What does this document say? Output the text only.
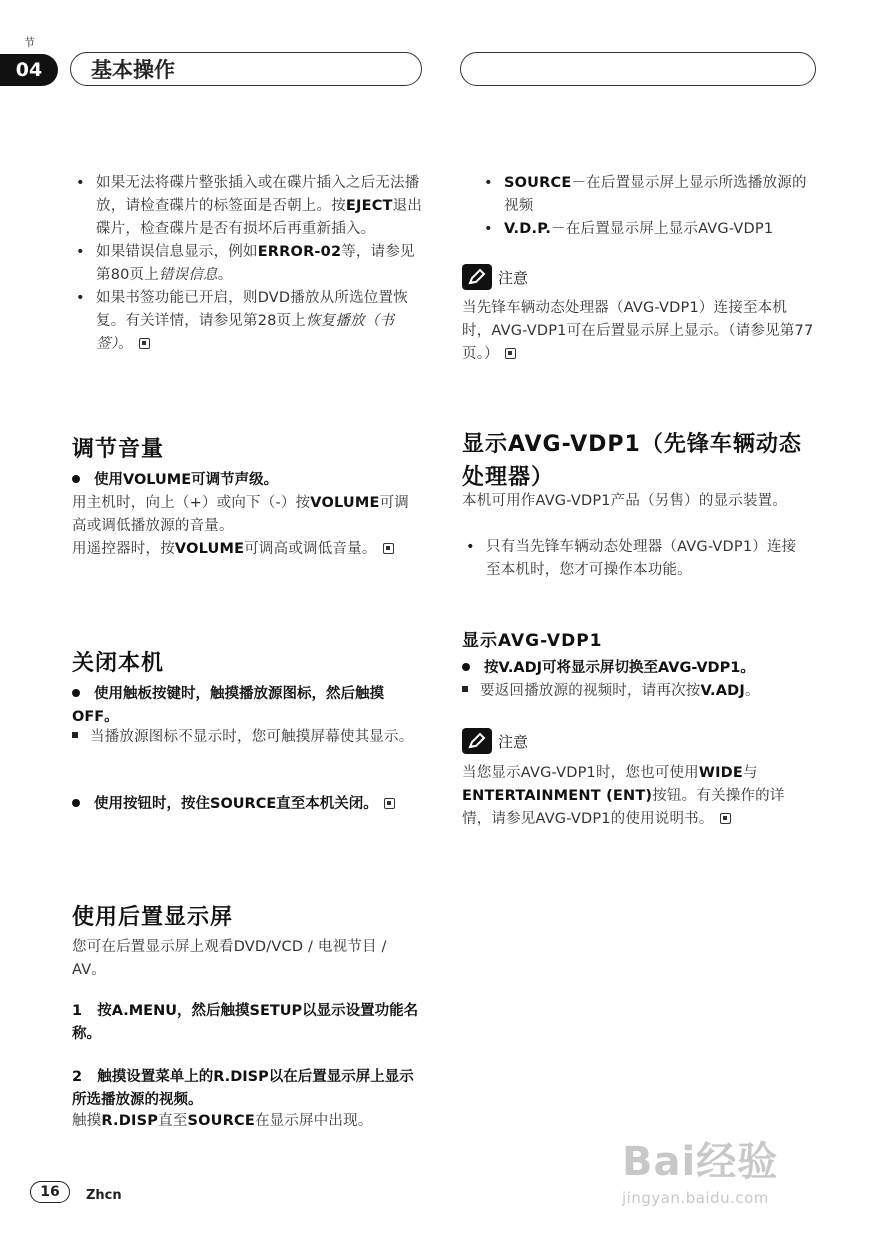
节
04	基本操作
• 如果无法将碟片整张插入或在碟片插入之后无法播放，请检查碟片的标签面是否朝上。按EJECT退出碟片，检查碟片是否有损坏后再重新插入。
• 如果错误信息显示，例如ERROR-02等，请参见第80页上错误信息。
• 如果书签功能已开启，则DVD播放从所选位置恢复。有关详情，请参见第28页上恢复播放（书签）。
调节音量
使用VOLUME可调节声级。
用主机时，向上（+）或向下（-）按VOLUME可调高或调低播放源的音量。
用遥控器时，按VOLUME可调高或调低音量。
关闭本机
使用触板按键时，触摸播放源图标，然后触摸OFF。
当播放源图标不显示时，您可触摸屏幕使其显示。
使用按钮时，按住SOURCE直至本机关闭。
使用后置显示屏
您可在后置显示屏上观看DVD/VCD / 电视节目 / AV。
1 按A.MENU，然后触摸SETUP以显示设置功能名称。
2 触摸设置菜单上的R.DISP以在后置显示屏上显示所选播放源的视频。
触摸R.DISP直至SOURCE在显示屏中出现。
• SOURCE－在后置显示屏上显示所选播放源的视频
• V.D.P.－在后置显示屏上显示AVG-VDP1
注意
当先锋车辆动态处理器（AVG-VDP1）连接至本机时，AVG-VDP1可在后置显示屏上显示。（请参见第77页。）
显示AVG-VDP1（先锋车辆动态处理器）
本机可用作AVG-VDP1产品（另售）的显示装置。
• 只有当先锋车辆动态处理器（AVG-VDP1）连接至本机时，您才可操作本功能。
显示AVG-VDP1
按V.ADJ可将显示屏切换至AVG-VDP1。
要返回播放源的视频时，请再次按V.ADJ。
注意
当您显示AVG-VDP1时，您也可使用WIDE与ENTERTAINMENT (ENT)按钮。有关操作的详情，请参见AVG-VDP1的使用说明书。
16	Zhcn
Bai经验
jingyan.baidu.com
